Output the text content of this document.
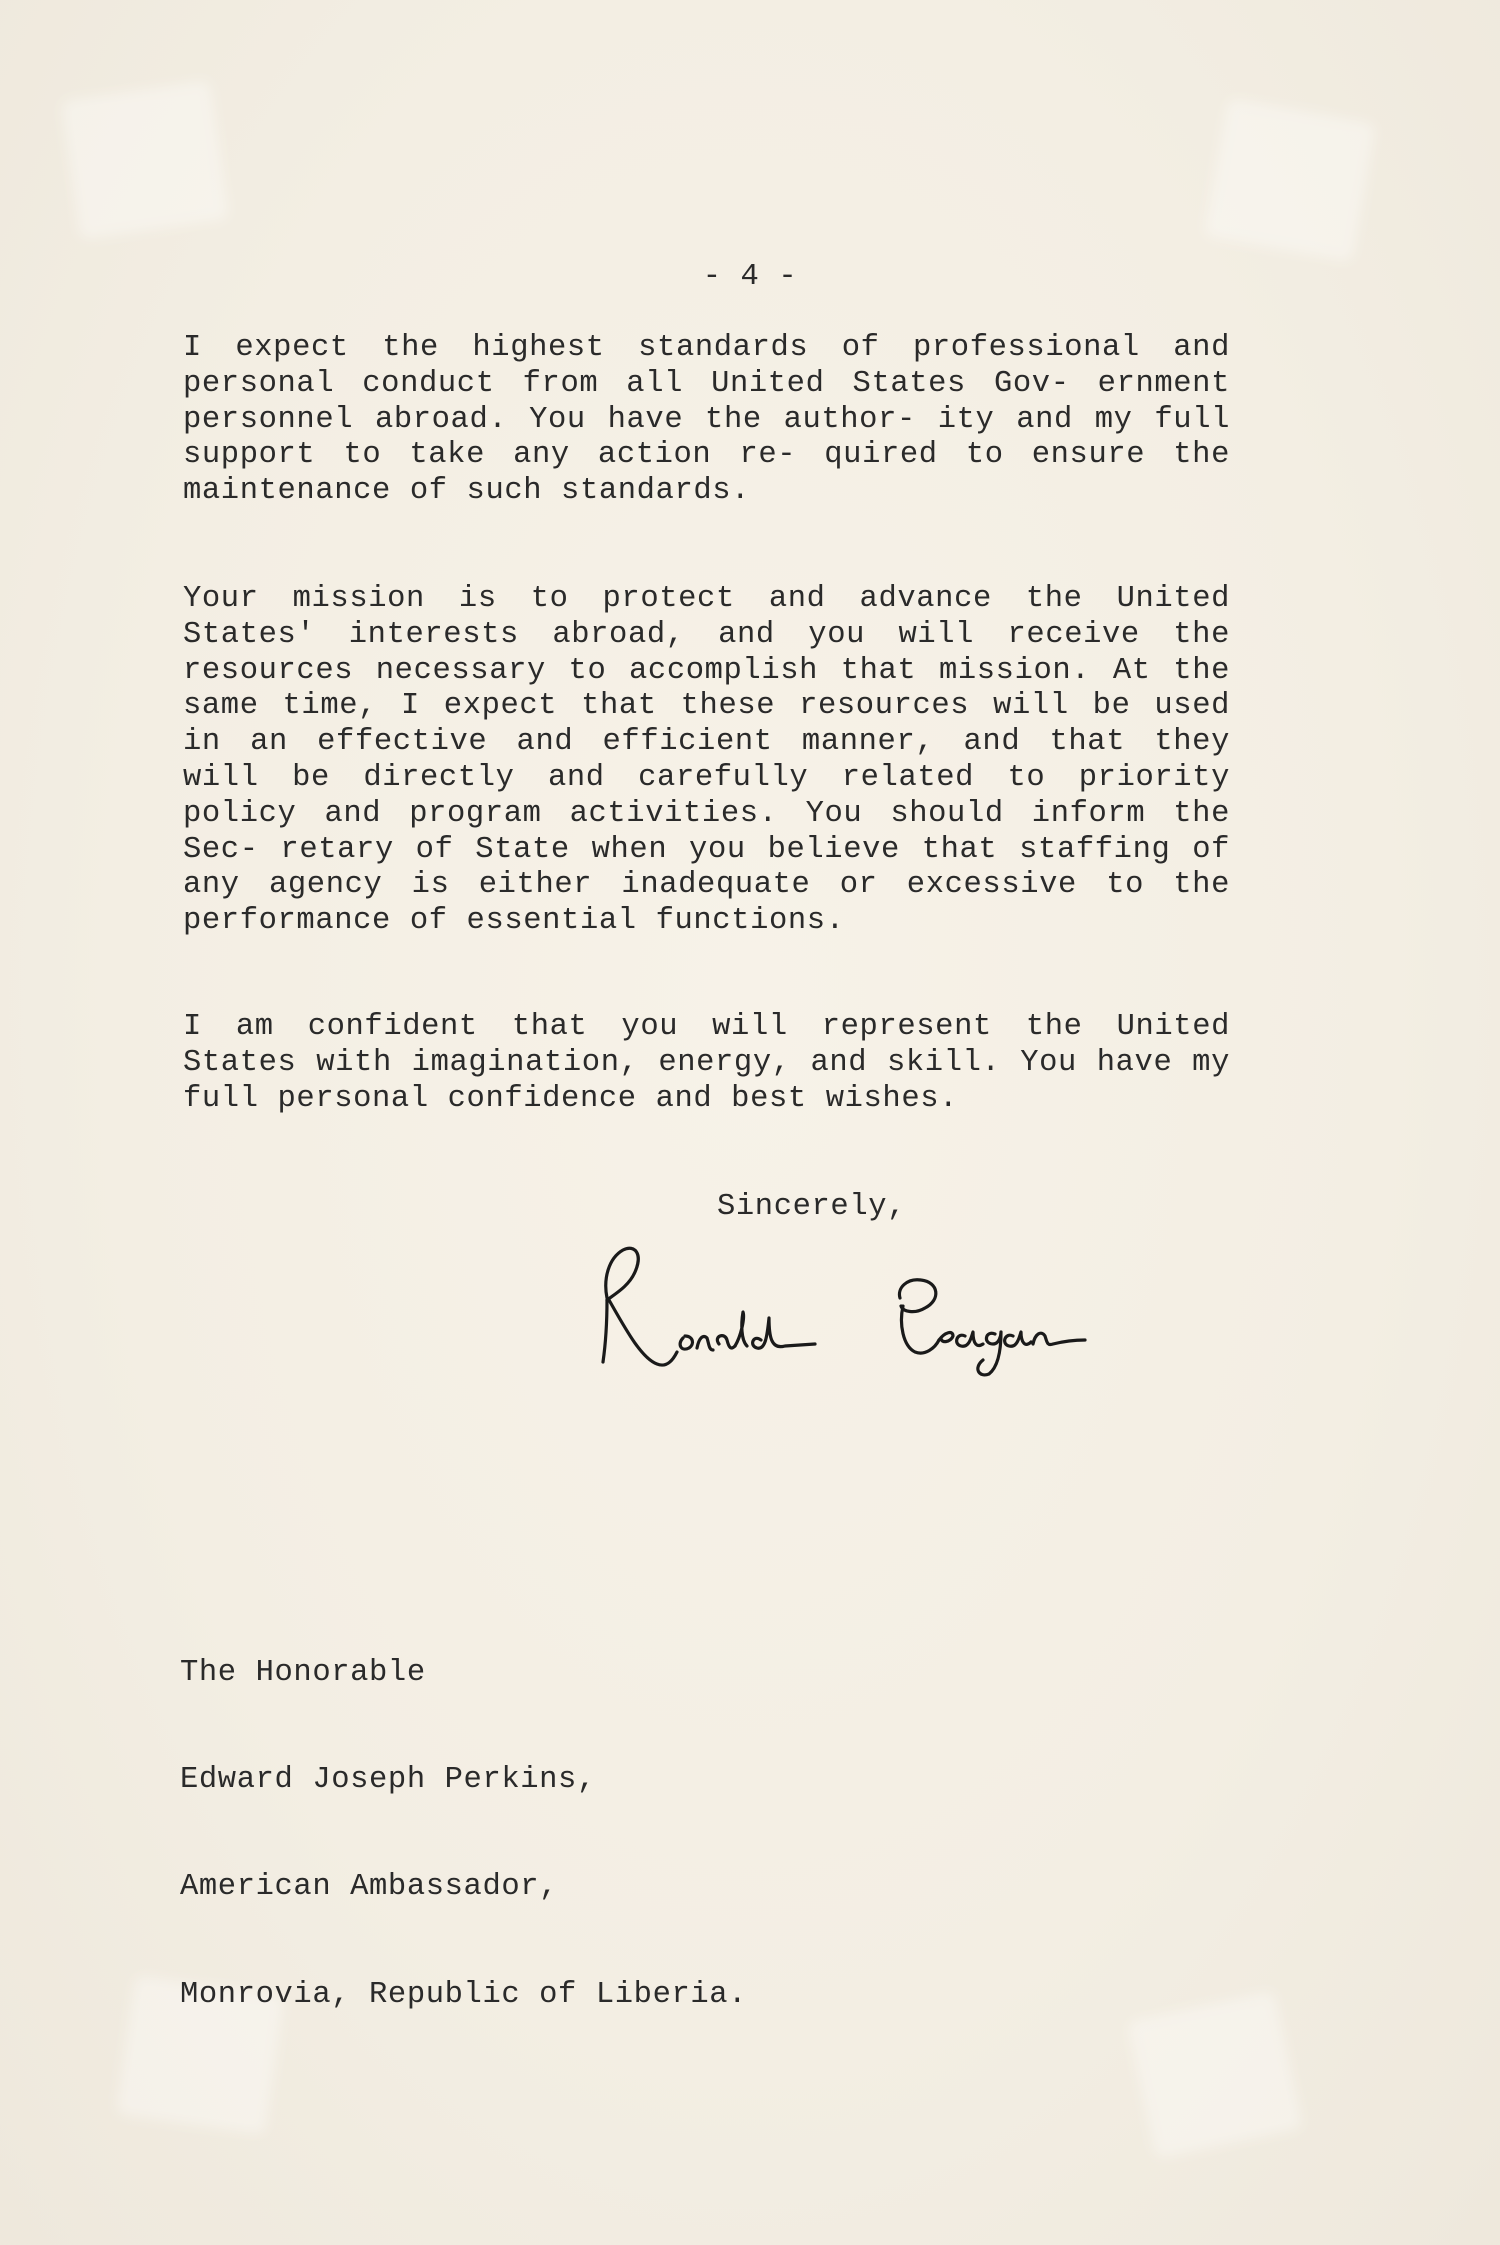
- 4 -

I expect the highest standards of professional and personal conduct from all United States Gov- ernment personnel abroad. You have the author- ity and my full support to take any action re- quired to ensure the maintenance of such standards.

Your mission is to protect and advance the United States' interests abroad, and you will receive the resources necessary to accomplish that mission. At the same time, I expect that these resources will be used in an effective and efficient manner, and that they will be directly and carefully related to priority policy and program activities. You should inform the Sec- retary of State when you believe that staffing of any agency is either inadequate or excessive to the performance of essential functions.

I am confident that you will represent the United States with imagination, energy, and skill. You have my full personal confidence and best wishes.

Sincerely,

The Honorable

Edward Joseph Perkins,

American Ambassador,

Monrovia, Republic of Liberia.
